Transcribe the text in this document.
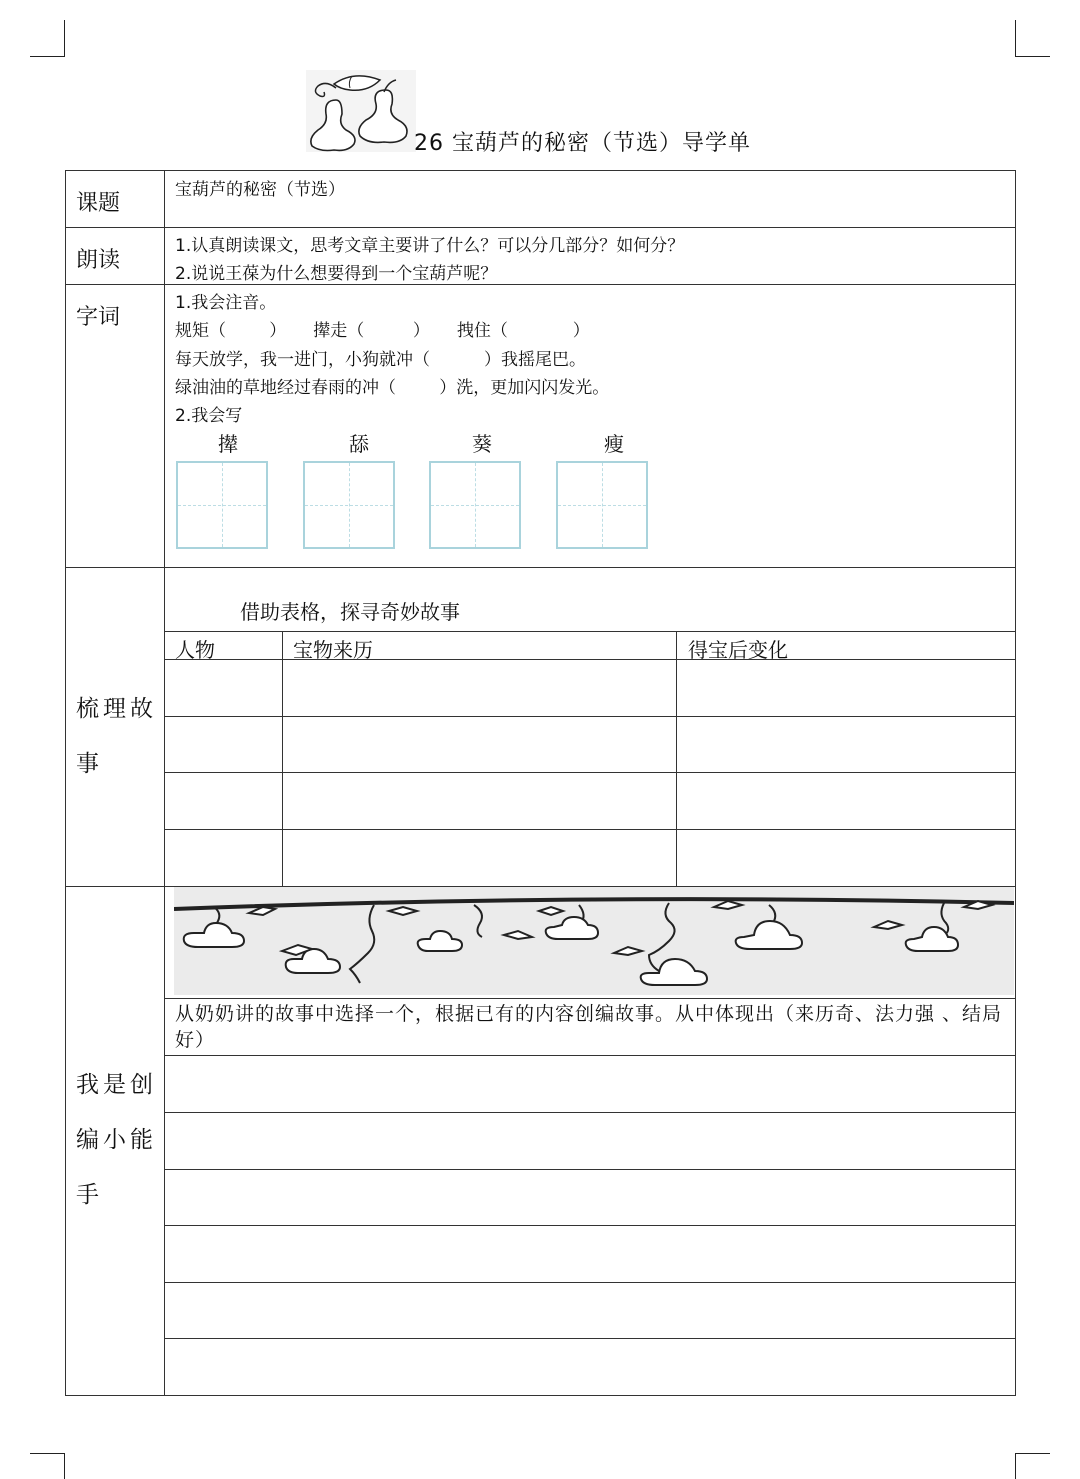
26 宝葫芦的秘密（节选）导学单
课题
宝葫芦的秘密（节选）
朗读
1.认真朗读课文，思考文章主要讲了什么？可以分几部分？如何分？
2.说说王葆为什么想要得到一个宝葫芦呢？
字词
1.我会注音。
规矩（        ）     撵走（         ）     拽住（            ）
每天放学，我一进门，小狗就冲（          ）我摇尾巴。
绿油油的草地经过春雨的冲（        ）洗，更加闪闪发光。
2.我会写
撵	舔	葵	瘦
梳理故事
借助表格，探寻奇妙故事
人物	宝物来历	得宝后变化
我是创编小能手
从奶奶讲的故事中选择一个，根据已有的内容创编故事。从中体现出（来历奇、法力强 、结局好）
